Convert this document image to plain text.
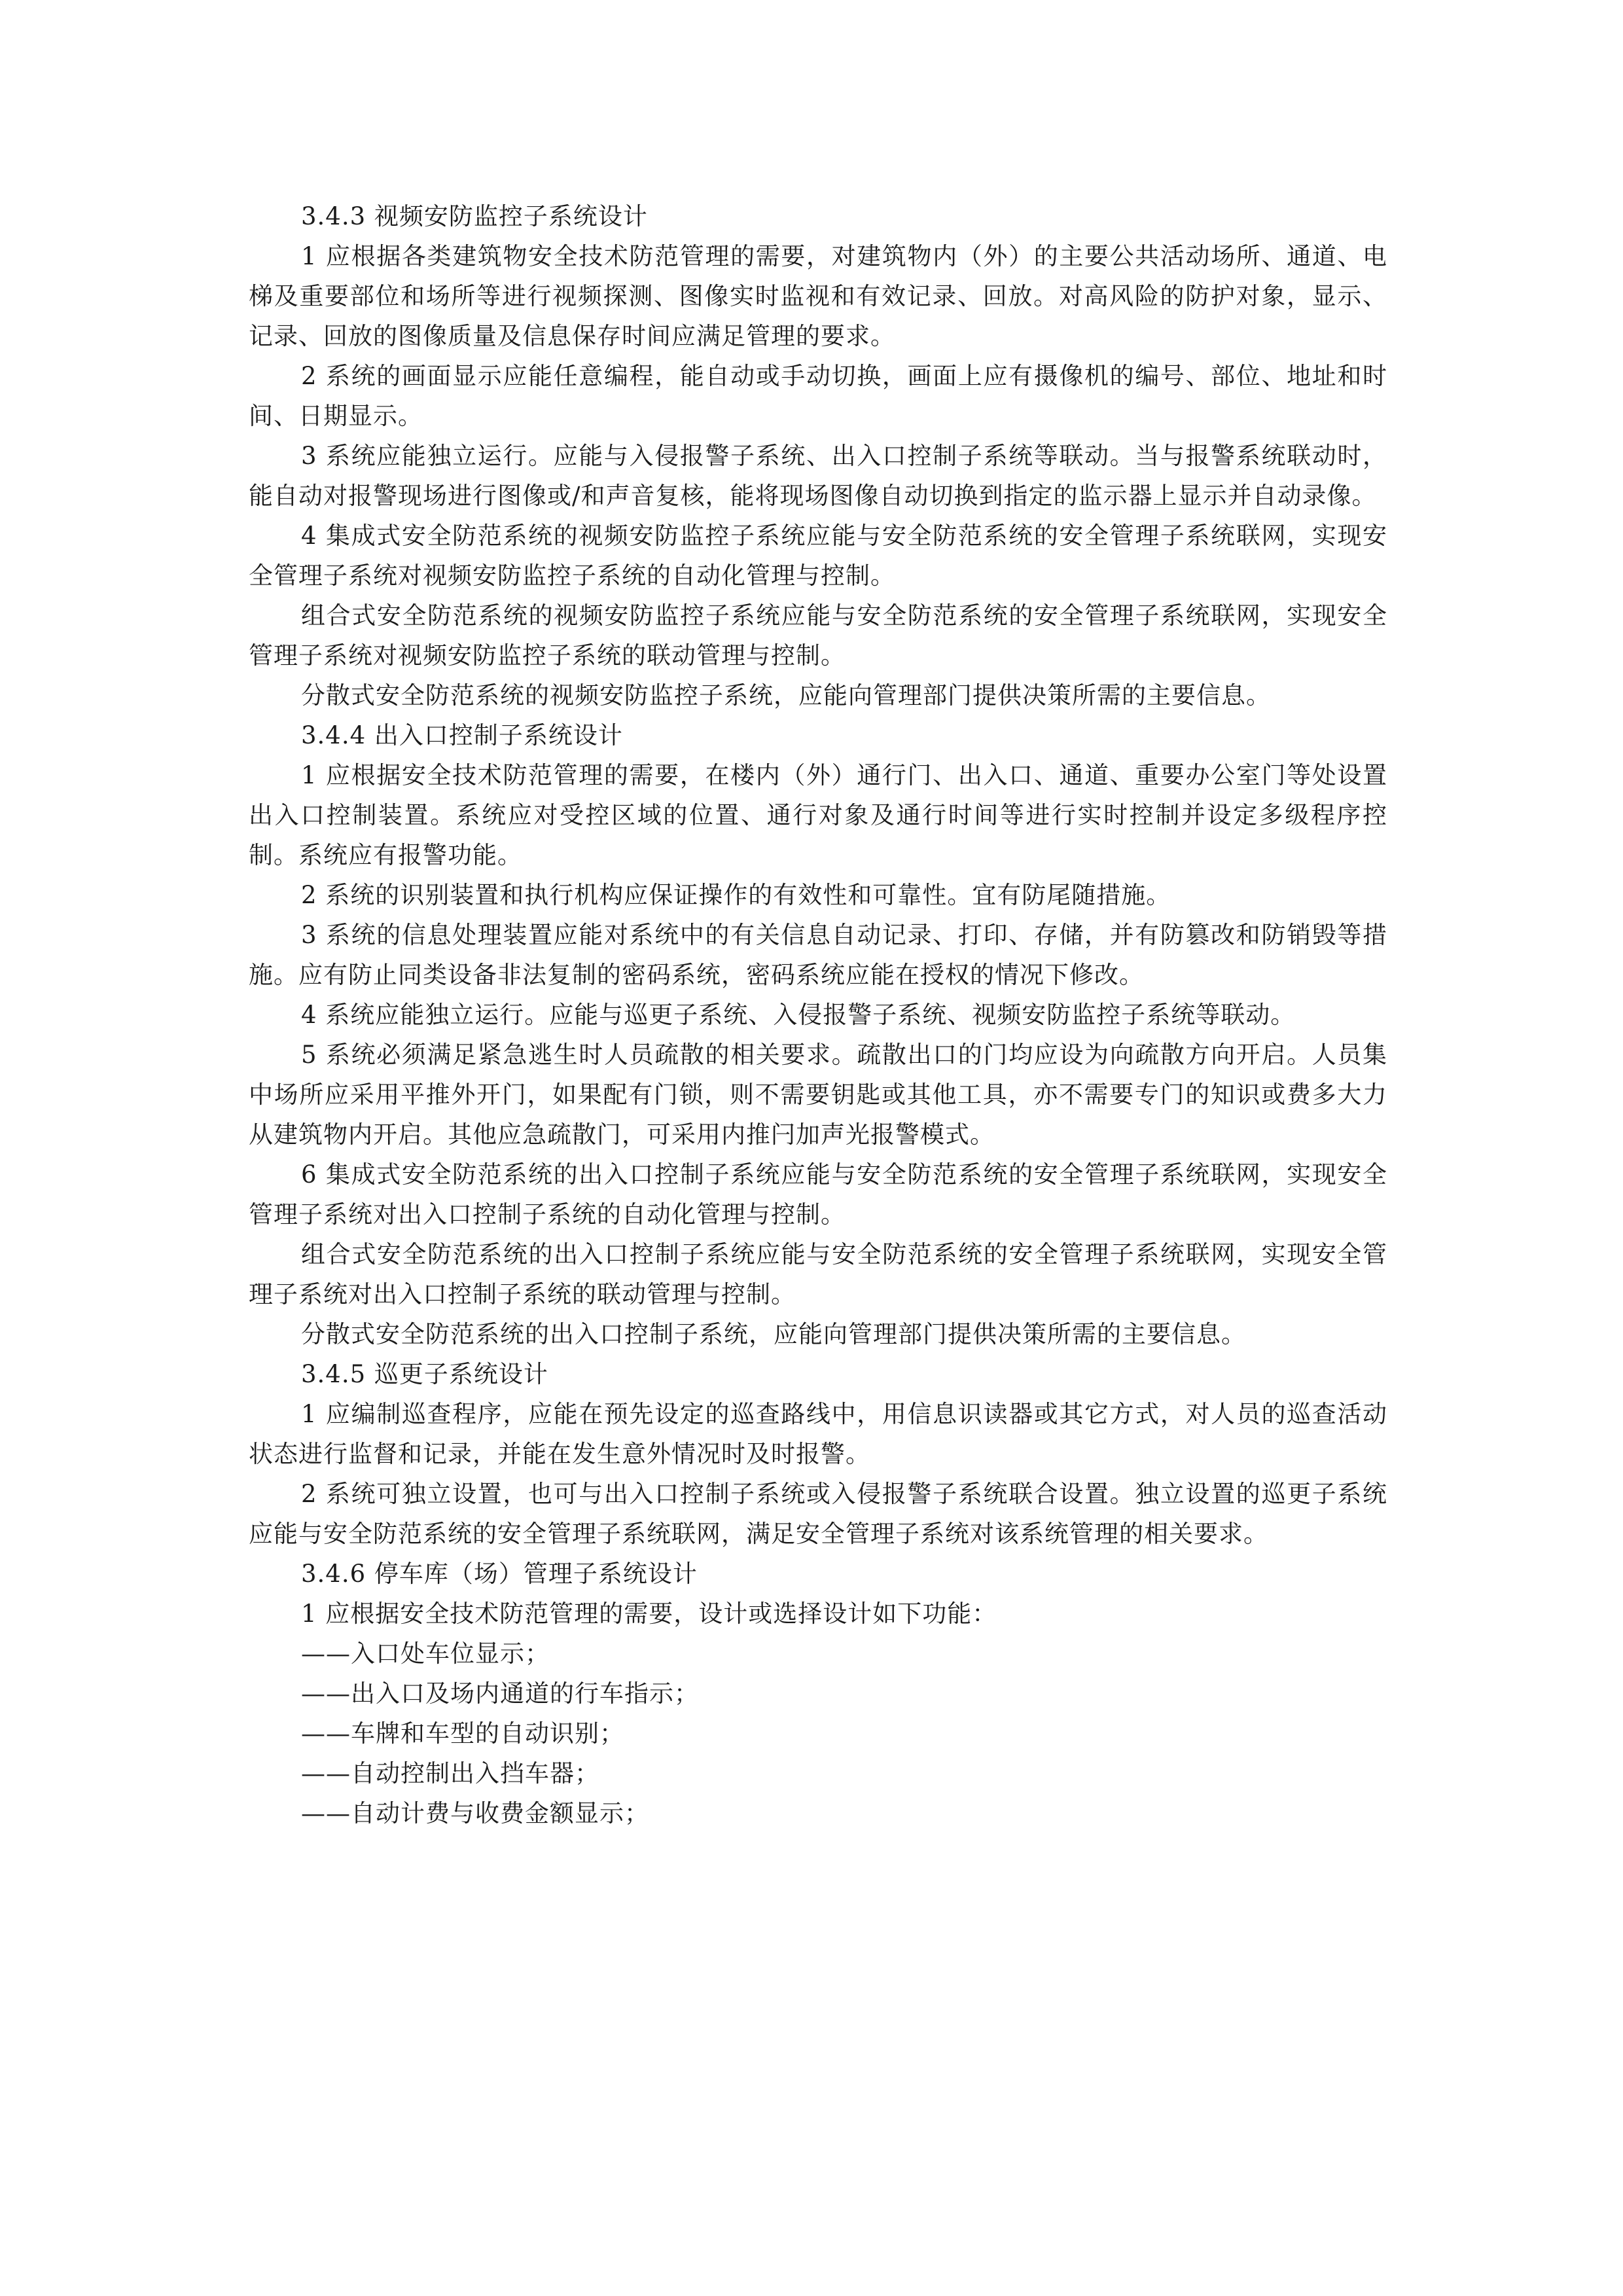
3.4.3 视频安防监控子系统设计

1 应根据各类建筑物安全技术防范管理的需要，对建筑物内（外）的主要公共活动场所、通道、电梯及重要部位和场所等进行视频探测、图像实时监视和有效记录、回放。对高风险的防护对象，显示、记录、回放的图像质量及信息保存时间应满足管理的要求。

2 系统的画面显示应能任意编程，能自动或手动切换，画面上应有摄像机的编号、部位、地址和时间、日期显示。

3 系统应能独立运行。应能与入侵报警子系统、出入口控制子系统等联动。当与报警系统联动时，能自动对报警现场进行图像或/和声音复核，能将现场图像自动切换到指定的监示器上显示并自动录像。

4 集成式安全防范系统的视频安防监控子系统应能与安全防范系统的安全管理子系统联网，实现安全管理子系统对视频安防监控子系统的自动化管理与控制。

组合式安全防范系统的视频安防监控子系统应能与安全防范系统的安全管理子系统联网，实现安全管理子系统对视频安防监控子系统的联动管理与控制。

分散式安全防范系统的视频安防监控子系统，应能向管理部门提供决策所需的主要信息。

3.4.4 出入口控制子系统设计

1 应根据安全技术防范管理的需要，在楼内（外）通行门、出入口、通道、重要办公室门等处设置出入口控制装置。系统应对受控区域的位置、通行对象及通行时间等进行实时控制并设定多级程序控制。系统应有报警功能。

2 系统的识别装置和执行机构应保证操作的有效性和可靠性。宜有防尾随措施。

3 系统的信息处理装置应能对系统中的有关信息自动记录、打印、存储，并有防篡改和防销毁等措施。应有防止同类设备非法复制的密码系统，密码系统应能在授权的情况下修改。

4 系统应能独立运行。应能与巡更子系统、入侵报警子系统、视频安防监控子系统等联动。

5 系统必须满足紧急逃生时人员疏散的相关要求。疏散出口的门均应设为向疏散方向开启。人员集中场所应采用平推外开门，如果配有门锁，则不需要钥匙或其他工具，亦不需要专门的知识或费多大力从建筑物内开启。其他应急疏散门，可采用内推闩加声光报警模式。

6 集成式安全防范系统的出入口控制子系统应能与安全防范系统的安全管理子系统联网，实现安全管理子系统对出入口控制子系统的自动化管理与控制。

组合式安全防范系统的出入口控制子系统应能与安全防范系统的安全管理子系统联网，实现安全管理子系统对出入口控制子系统的联动管理与控制。

分散式安全防范系统的出入口控制子系统，应能向管理部门提供决策所需的主要信息。

3.4.5 巡更子系统设计

1 应编制巡查程序，应能在预先设定的巡查路线中，用信息识读器或其它方式，对人员的巡查活动状态进行监督和记录，并能在发生意外情况时及时报警。

2 系统可独立设置，也可与出入口控制子系统或入侵报警子系统联合设置。独立设置的巡更子系统应能与安全防范系统的安全管理子系统联网，满足安全管理子系统对该系统管理的相关要求。

3.4.6 停车库（场）管理子系统设计

1 应根据安全技术防范管理的需要，设计或选择设计如下功能：

——入口处车位显示；

——出入口及场内通道的行车指示；

——车牌和车型的自动识别；

——自动控制出入挡车器；

——自动计费与收费金额显示；
